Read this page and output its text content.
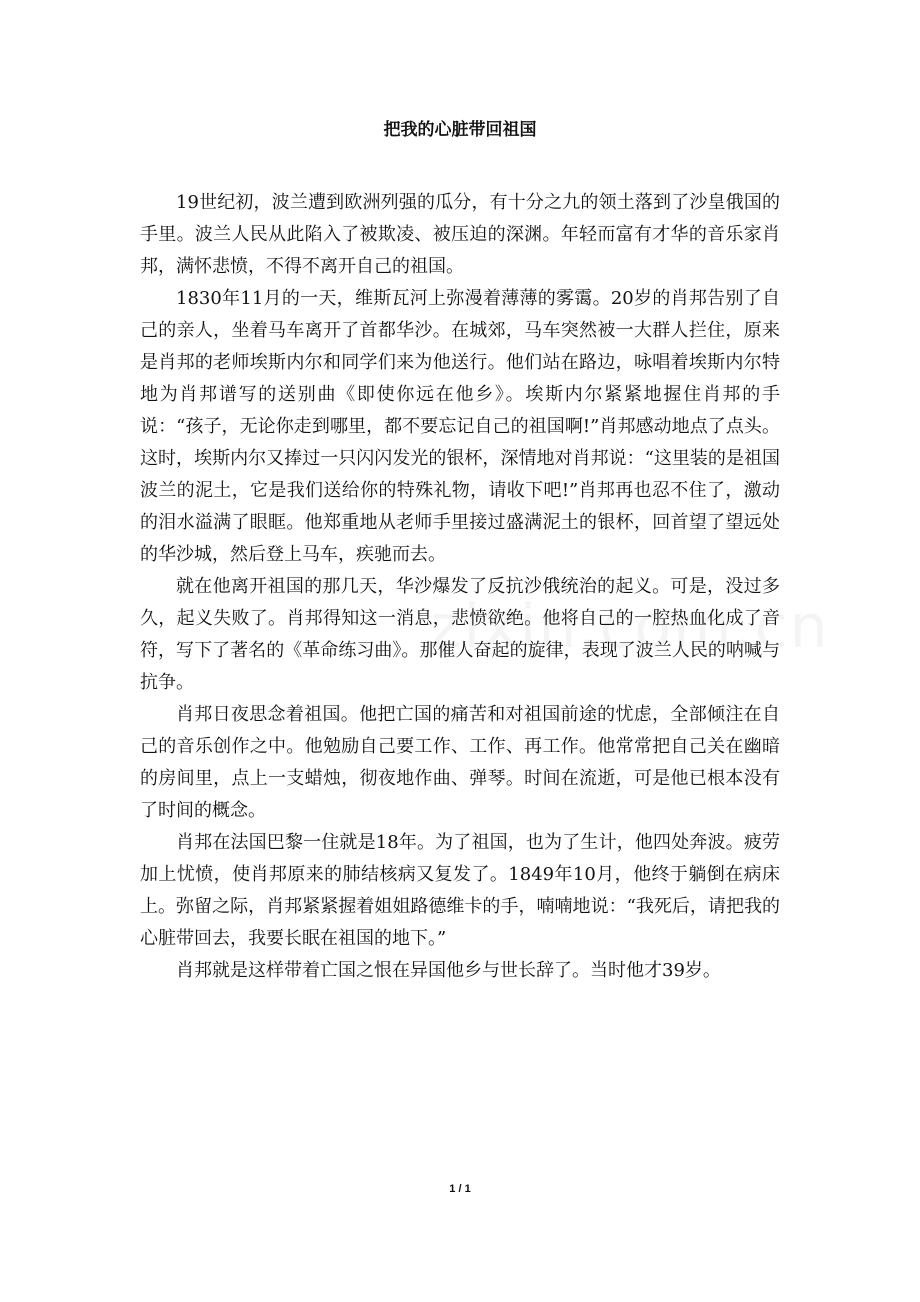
把我的心脏带回祖国

19世纪初，波兰遭到欧洲列强的瓜分，有十分之九的领土落到了沙皇俄国的手里。波兰人民从此陷入了被欺凌、被压迫的深渊。年轻而富有才华的音乐家肖邦，满怀悲愤，不得不离开自己的祖国。

1830年11月的一天，维斯瓦河上弥漫着薄薄的雾霭。20岁的肖邦告别了自己的亲人，坐着马车离开了首都华沙。在城郊，马车突然被一大群人拦住，原来是肖邦的老师埃斯内尔和同学们来为他送行。他们站在路边，咏唱着埃斯内尔特地为肖邦谱写的送别曲《即使你远在他乡》。埃斯内尔紧紧地握住肖邦的手说：“孩子，无论你走到哪里，都不要忘记自己的祖国啊!”肖邦感动地点了点头。这时，埃斯内尔又捧过一只闪闪发光的银杯，深情地对肖邦说：“这里装的是祖国波兰的泥土，它是我们送给你的特殊礼物，请收下吧!”肖邦再也忍不住了，激动的泪水溢满了眼眶。他郑重地从老师手里接过盛满泥土的银杯，回首望了望远处的华沙城，然后登上马车，疾驰而去。

就在他离开祖国的那几天，华沙爆发了反抗沙俄统治的起义。可是，没过多久，起义失败了。肖邦得知这一消息，悲愤欲绝。他将自己的一腔热血化成了音符，写下了著名的《革命练习曲》。那催人奋起的旋律，表现了波兰人民的呐喊与抗争。

肖邦日夜思念着祖国。他把亡国的痛苦和对祖国前途的忧虑，全部倾注在自己的音乐创作之中。他勉励自己要工作、工作、再工作。他常常把自己关在幽暗的房间里，点上一支蜡烛，彻夜地作曲、弹琴。时间在流逝，可是他已根本没有了时间的概念。

肖邦在法国巴黎一住就是18年。为了祖国，也为了生计，他四处奔波。疲劳加上忧愤，使肖邦原来的肺结核病又复发了。1849年10月，他终于躺倒在病床上。弥留之际，肖邦紧紧握着姐姐路德维卡的手，喃喃地说：“我死后，请把我的心脏带回去，我要长眠在祖国的地下。”

肖邦就是这样带着亡国之恨在异国他乡与世长辞了。当时他才39岁。

1 / 1
